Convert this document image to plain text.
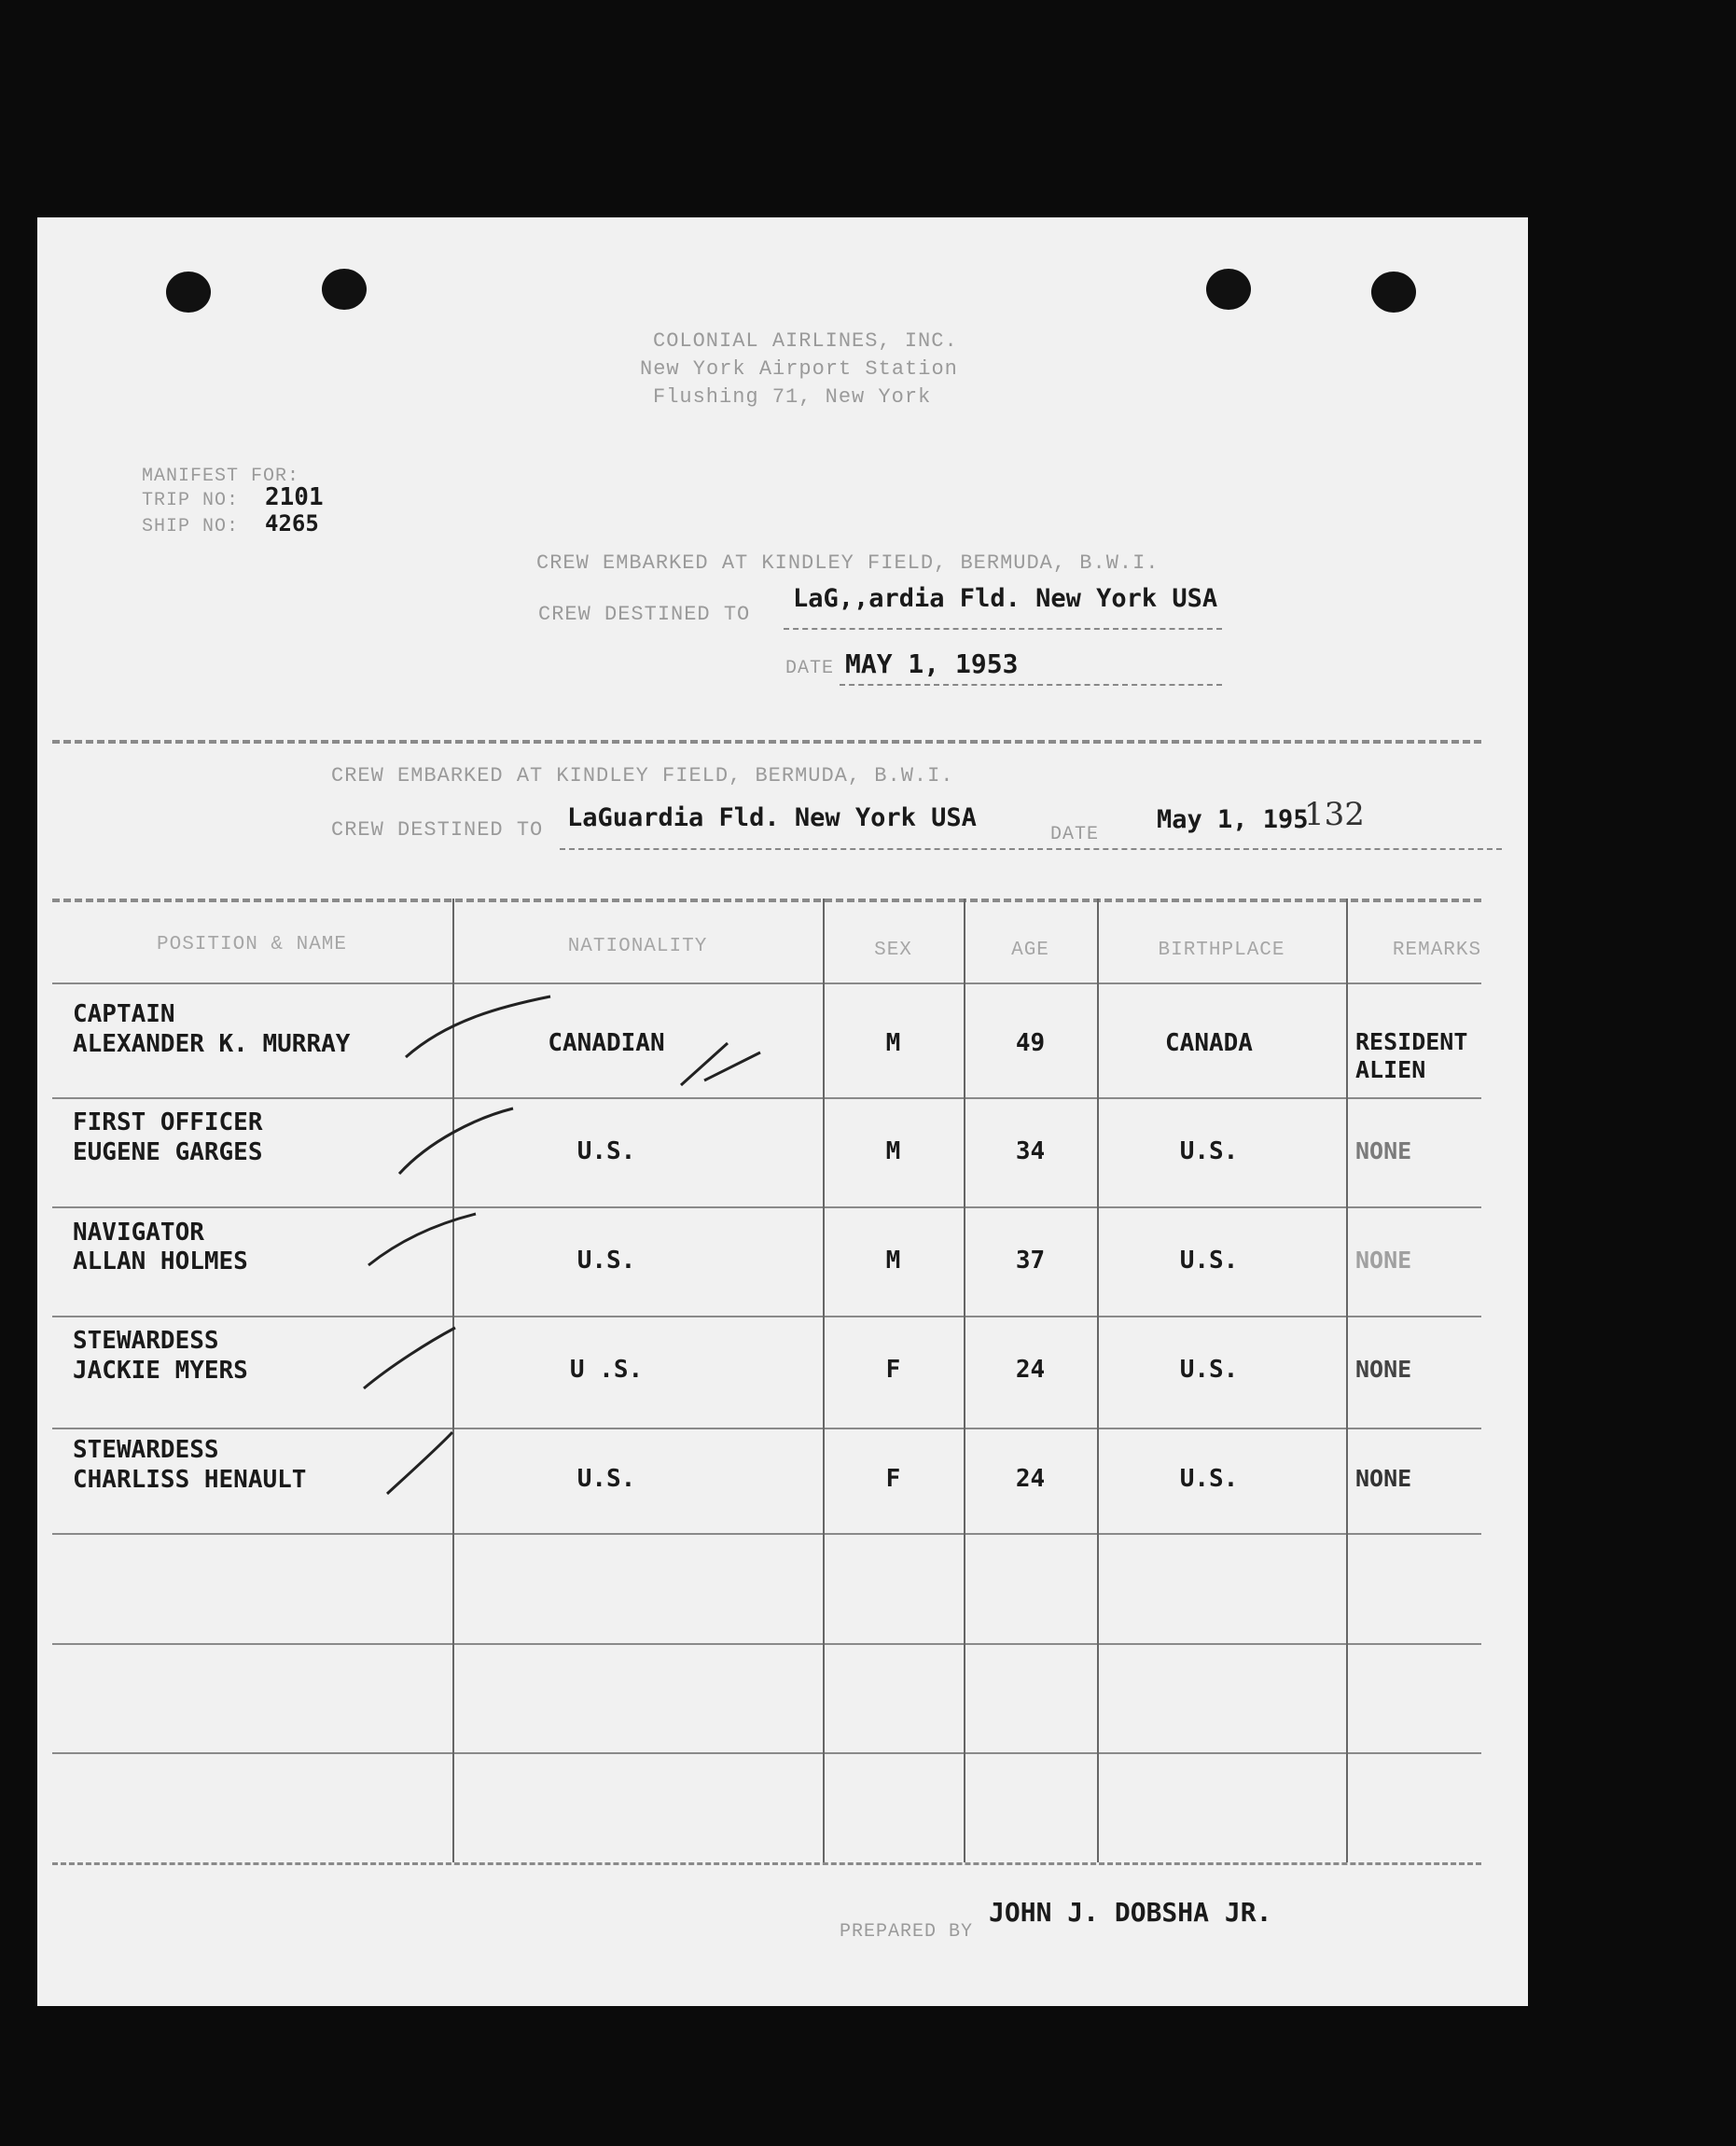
COLONIAL AIRLINES, INC.
New York Airport Station
Flushing 71, New York
MANIFEST FOR:
TRIP NO: 2101
SHIP NO: 4265
CREW EMBARKED AT KINDLEY FIELD, BERMUDA, B.W.I.
CREW DESTINED TO
LaG,,ardia Fld. New York USA
DATE MAY 1, 1953
CREW EMBARKED AT KINDLEY FIELD, BERMUDA, B.W.I.
CREW DESTINED TO LaGuardia Fld. New York USA
DATE
May 1, 195
132
POSITION & NAME	NATIONALITY	SEX	AGE	BIRTHPLACE	REMARKS
CAPTAIN
ALEXANDER K. MURRAY	CANADIAN	M	49	CANADA	RESIDENT
ALIEN
FIRST OFFICER
EUGENE GARGES	U.S.	M	34	U.S.	NONE
NAVIGATOR
ALLAN HOLMES	U.S.	M	37	U.S.	NONE
STEWARDESS
JACKIE MYERS	U .S.	F	24	U.S.	NONE
STEWARDESS
CHARLISS HENAULT	U.S.	F	24	U.S.	NONE
PREPARED BY
JOHN J. DOBSHA JR.
